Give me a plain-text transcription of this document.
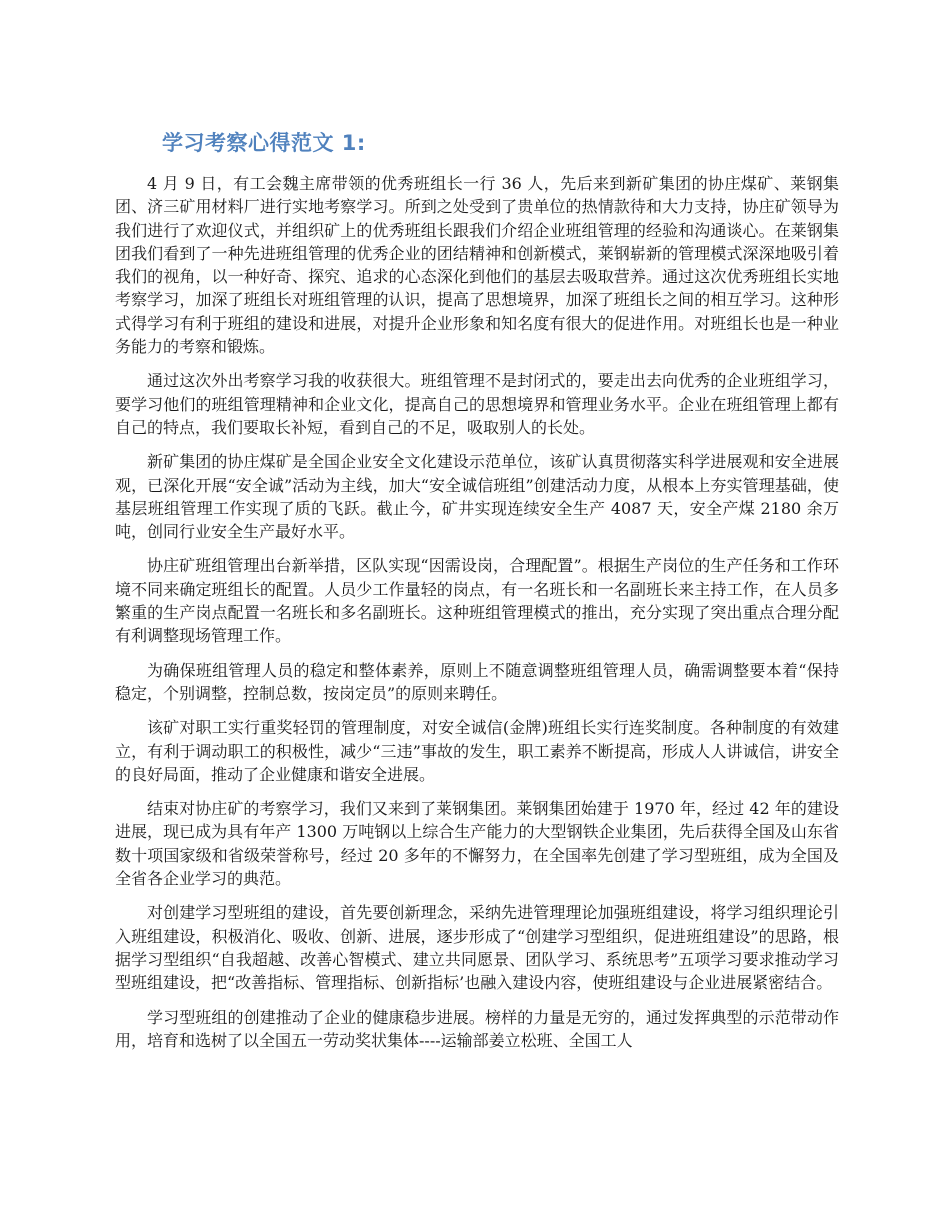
学习考察心得范文 1:

4 月 9 日，有工会魏主席带领的优秀班组长一行 36 人，先后来到新矿集团的协庄煤矿、莱钢集团、济三矿用材料厂进行实地考察学习。所到之处受到了贵单位的热情款待和大力支持，协庄矿领导为我们进行了欢迎仪式，并组织矿上的优秀班组长跟我们介绍企业班组管理的经验和沟通谈心。在莱钢集团我们看到了一种先进班组管理的优秀企业的团结精神和创新模式，莱钢崭新的管理模式深深地吸引着我们的视角，以一种好奇、探究、追求的心态深化到他们的基层去吸取营养。通过这次优秀班组长实地考察学习，加深了班组长对班组管理的认识，提高了思想境界，加深了班组长之间的相互学习。这种形式得学习有利于班组的建设和进展，对提升企业形象和知名度有很大的促进作用。对班组长也是一种业务能力的考察和锻炼。

通过这次外出考察学习我的收获很大。班组管理不是封闭式的，要走出去向优秀的企业班组学习，要学习他们的班组管理精神和企业文化，提高自己的思想境界和管理业务水平。企业在班组管理上都有自己的特点，我们要取长补短，看到自己的不足，吸取别人的长处。

新矿集团的协庄煤矿是全国企业安全文化建设示范单位，该矿认真贯彻落实科学进展观和安全进展观，已深化开展“安全诚”活动为主线，加大“安全诚信班组”创建活动力度，从根本上夯实管理基础，使基层班组管理工作实现了质的飞跃。截止今，矿井实现连续安全生产 4087 天，安全产煤 2180 余万吨，创同行业安全生产最好水平。

协庄矿班组管理出台新举措，区队实现“因需设岗，合理配置”。根据生产岗位的生产任务和工作环境不同来确定班组长的配置。人员少工作量轻的岗点，有一名班长和一名副班长来主持工作，在人员多繁重的生产岗点配置一名班长和多名副班长。这种班组管理模式的推出，充分实现了突出重点合理分配有利调整现场管理工作。

为确保班组管理人员的稳定和整体素养，原则上不随意调整班组管理人员，确需调整要本着“保持稳定，个别调整，控制总数，按岗定员”的原则来聘任。

该矿对职工实行重奖轻罚的管理制度，对安全诚信(金牌)班组长实行连奖制度。各种制度的有效建立，有利于调动职工的积极性，减少“三违”事故的发生，职工素养不断提高，形成人人讲诚信，讲安全的良好局面，推动了企业健康和谐安全进展。

结束对协庄矿的考察学习，我们又来到了莱钢集团。莱钢集团始建于 1970 年，经过 42 年的建设进展，现已成为具有年产 1300 万吨钢以上综合生产能力的大型钢铁企业集团，先后获得全国及山东省数十项国家级和省级荣誉称号，经过 20 多年的不懈努力，在全国率先创建了学习型班组，成为全国及全省各企业学习的典范。

对创建学习型班组的建设，首先要创新理念，采纳先进管理理论加强班组建设，将学习组织理论引入班组建设，积极消化、吸收、创新、进展，逐步形成了“创建学习型组织，促进班组建设”的思路，根据学习型组织“自我超越、改善心智模式、建立共同愿景、团队学习、系统思考”五项学习要求推动学习型班组建设，把“改善指标、管理指标、创新指标’也融入建设内容，使班组建设与企业进展紧密结合。

学习型班组的创建推动了企业的健康稳步进展。榜样的力量是无穷的，通过发挥典型的示范带动作用，培育和选树了以全国五一劳动奖状集体----运输部姜立松班、全国工人
